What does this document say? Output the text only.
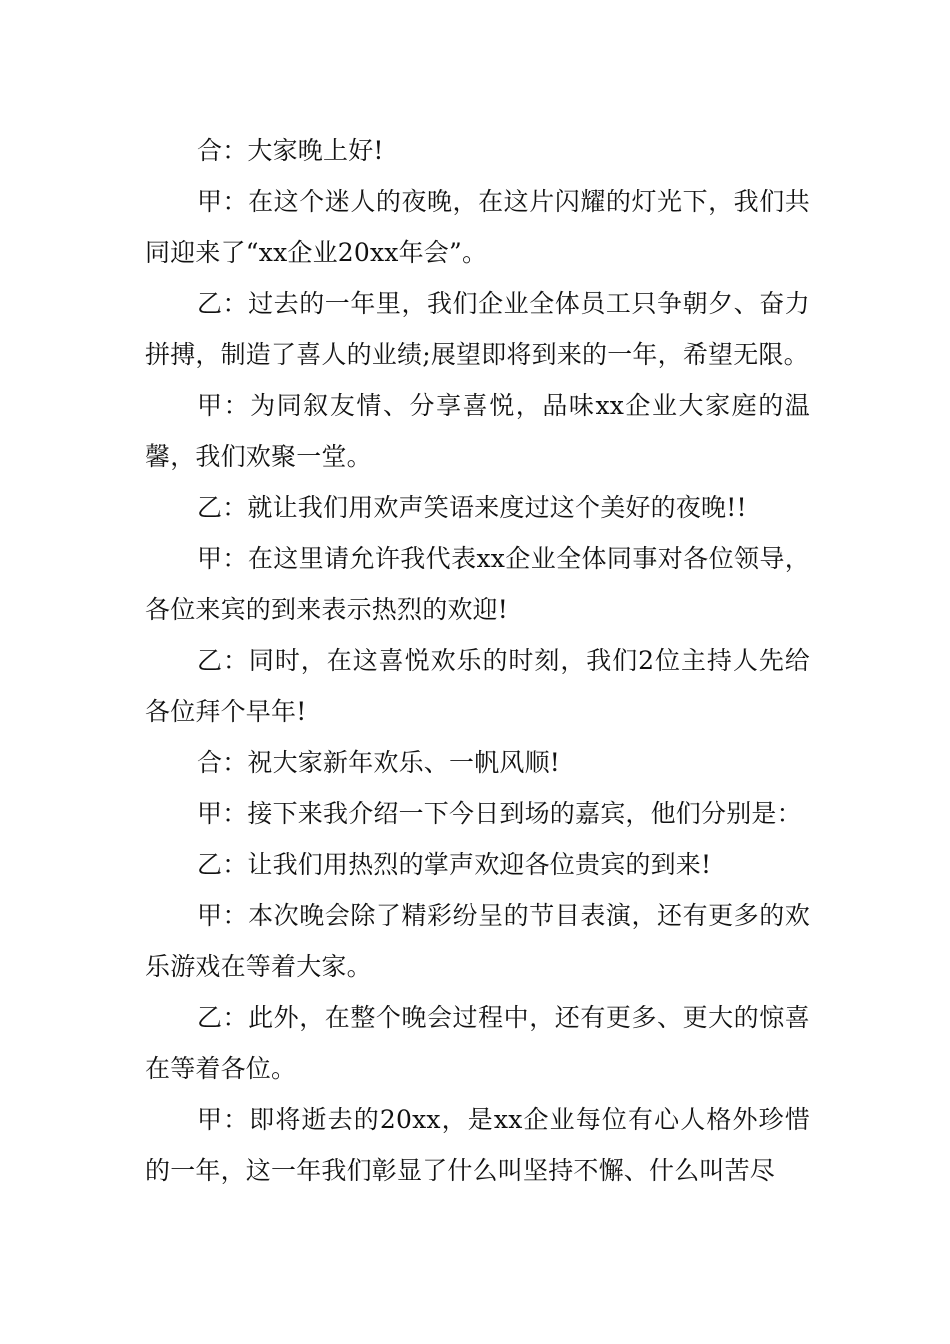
合：大家晚上好!

甲：在这个迷人的夜晚，在这片闪耀的灯光下，我们共同迎来了“xx企业20xx年会”。

乙：过去的一年里，我们企业全体员工只争朝夕、奋力拼搏，制造了喜人的业绩;展望即将到来的一年，希望无限。

甲：为同叙友情、分享喜悦，品味xx企业大家庭的温馨，我们欢聚一堂。

乙：就让我们用欢声笑语来度过这个美好的夜晚!!

甲：在这里请允许我代表xx企业全体同事对各位领导，各位来宾的到来表示热烈的欢迎!

乙：同时，在这喜悦欢乐的时刻，我们2位主持人先给各位拜个早年!

合：祝大家新年欢乐、一帆风顺!

甲：接下来我介绍一下今日到场的嘉宾，他们分别是：

乙：让我们用热烈的掌声欢迎各位贵宾的到来!

甲：本次晚会除了精彩纷呈的节目表演，还有更多的欢乐游戏在等着大家。

乙：此外，在整个晚会过程中，还有更多、更大的惊喜在等着各位。

甲：即将逝去的20xx，是xx企业每位有心人格外珍惜的一年，这一年我们彰显了什么叫坚持不懈、什么叫苦尽
